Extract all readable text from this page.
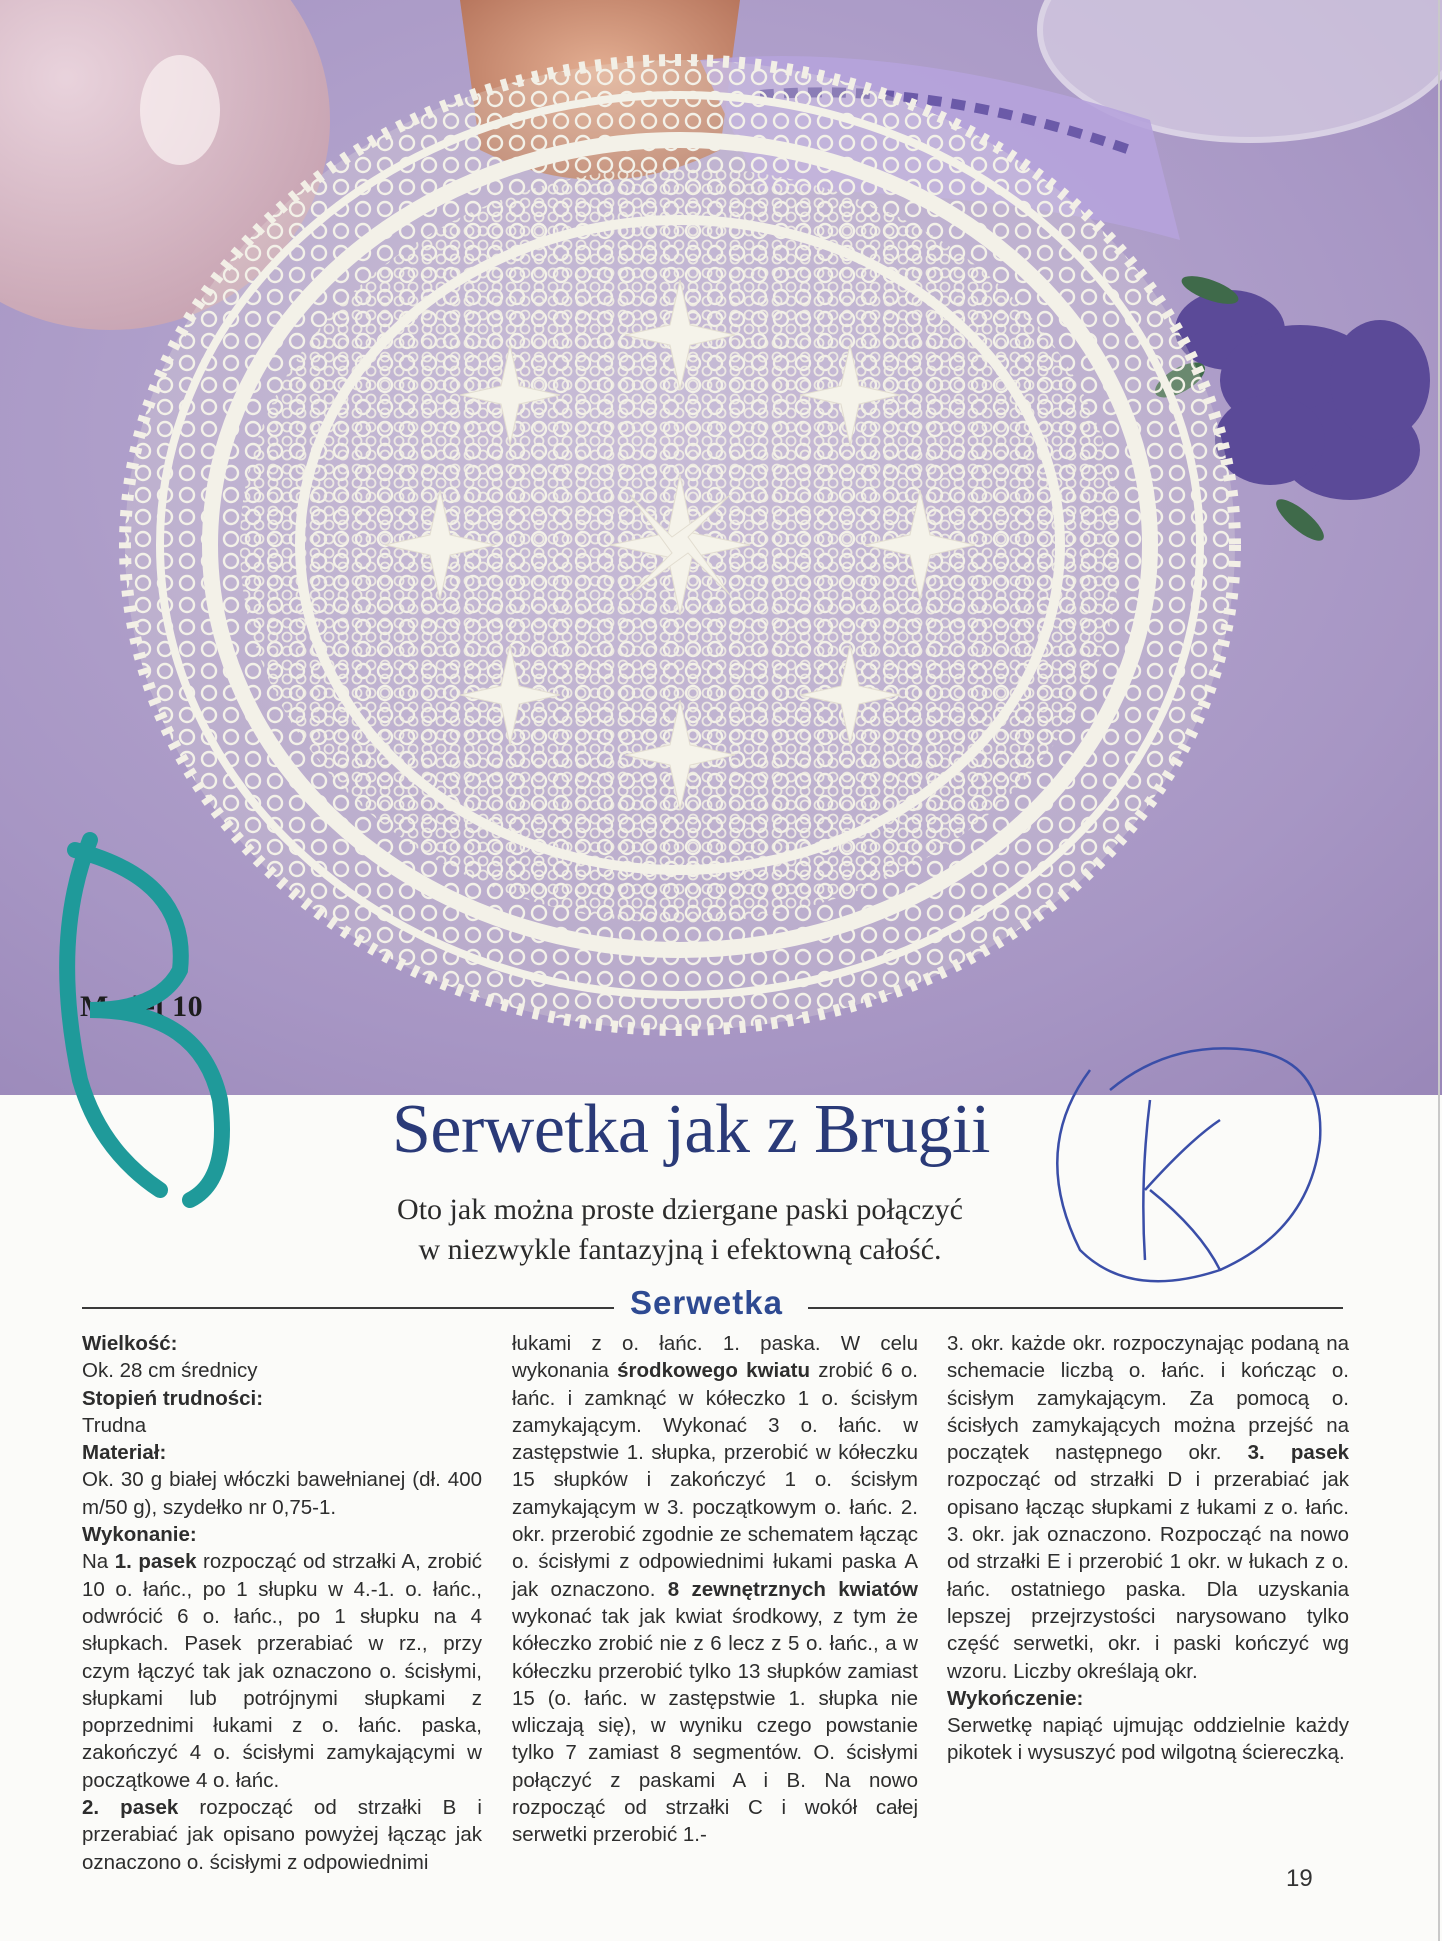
Model 10
Serwetka jak z Brugii
Oto jak można proste dziergane paski połączyć
w niezwykle fantazyjną i efektowną całość.
Serwetka

Wielkość:

Ok. 28 cm średnicy

Stopień trudności:

Trudna

Materiał:

Ok. 30 g białej włóczki bawełnianej (dł. 400 m/50 g), szydełko nr 0,75-1.

Wykonanie:

Na 1. pasek rozpocząć od strzałki A, zrobić 10 o. łańc., po 1 słupku w 4.-1. o. łańc., odwrócić 6 o. łańc., po 1 słupku na 4 słupkach. Pasek przerabiać w rz., przy czym łączyć tak jak oznaczono o. ścisłymi, słupkami lub potrójnymi słupkami z poprzednimi łukami z o. łańc. paska, zakończyć 4 o. ścisłymi zamykającymi w początkowe 4 o. łańc.

2. pasek rozpocząć od strzałki B i przerabiać jak opisano powyżej łącząc jak oznaczono o. ścisłymi z odpowiednimi

łukami z o. łańc. 1. paska. W celu wykonania środkowego kwiatu zrobić 6 o. łańc. i zamknąć w kółeczko 1 o. ścisłym zamykającym. Wykonać 3 o. łańc. w zastępstwie 1. słupka, przerobić w kółeczku 15 słupków i zakończyć 1 o. ścisłym zamykającym w 3. początkowym o. łańc. 2. okr. przerobić zgodnie ze schematem łącząc o. ścisłymi z odpowiednimi łukami paska A jak oznaczono. 8 zewnętrznych kwiatów wykonać tak jak kwiat środkowy, z tym że kółeczko zrobić nie z 6 lecz z 5 o. łańc., a w kółeczku przerobić tylko 13 słupków zamiast 15 (o. łańc. w zastępstwie 1. słupka nie wliczają się), w wyniku czego powstanie tylko 7 zamiast 8 segmentów. O. ścisłymi połączyć z paskami A i B. Na nowo rozpocząć od strzałki C i wokół całej serwetki przerobić 1.-

3. okr. każde okr. rozpoczynając podaną na schemacie liczbą o. łańc. i kończąc o. ścisłym zamykającym. Za pomocą o. ścisłych zamykających można przejść na początek następnego okr. 3. pasek rozpocząć od strzałki D i przerabiać jak opisano łącząc słupkami z łukami z o. łańc. 3. okr. jak oznaczono. Rozpocząć na nowo od strzałki E i przerobić 1 okr. w łukach z o. łańc. ostatniego paska. Dla uzyskania lepszej przejrzystości narysowano tylko część serwetki, okr. i paski kończyć wg wzoru. Liczby określają okr.

Wykończenie:

Serwetkę napiąć ujmując oddzielnie każdy pikotek i wysuszyć pod wilgotną ściereczką.

19
